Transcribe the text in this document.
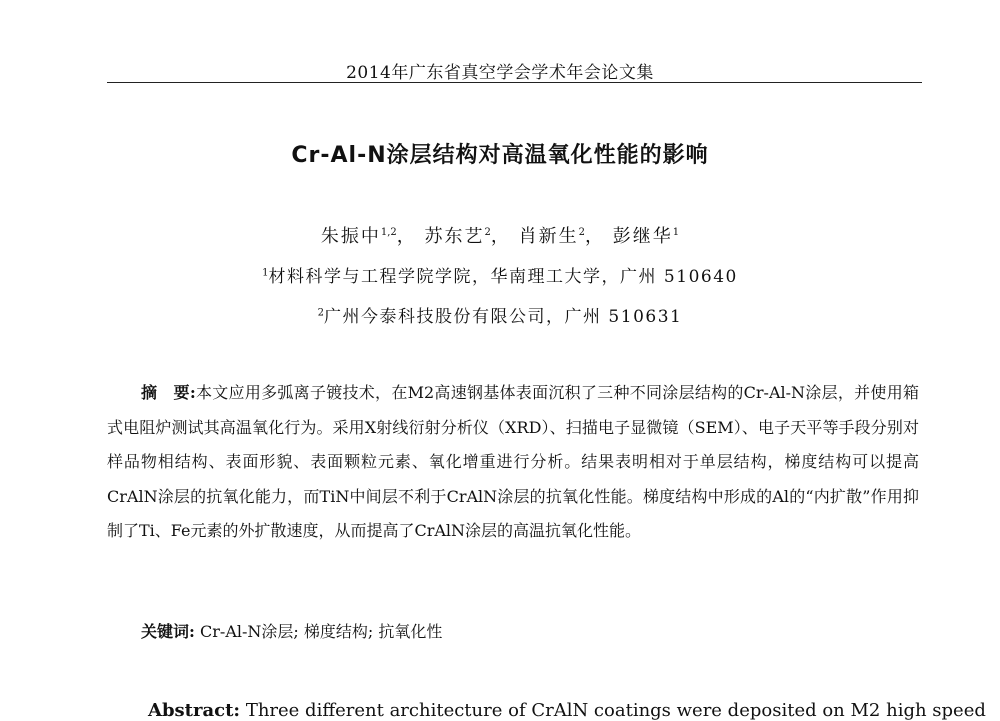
2014年广东省真空学会学术年会论文集
Cr-Al-N涂层结构对高温氧化性能的影响
朱振中$^{1,2}$， 苏东艺$^2$， 肖新生$^2$， 彭继华$^1$
$^1$材料科学与工程学院学院，华南理工大学，广州 510640
$^2$广州今泰科技股份有限公司，广州 510631
摘　要:本文应用多弧离子镀技术，在M2高速钢基体表面沉积了三种不同涂层结构的Cr-Al-N涂层，并使用箱式电阻炉测试其高温氧化行为。采用X射线衍射分析仪（XRD）、扫描电子显微镜（SEM）、电子天平等手段分别对样品物相结构、表面形貌、表面颗粒元素、氧化增重进行分析。结果表明相对于单层结构，梯度结构可以提高CrAlN涂层的抗氧化能力，而TiN中间层不利于CrAlN涂层的抗氧化性能。梯度结构中形成的Al的“内扩散”作用抑制了Ti、Fe元素的外扩散速度，从而提高了CrAlN涂层的高温抗氧化性能。
关键词: Cr-Al-N涂层; 梯度结构; 抗氧化性
Abstract: Three different architecture of CrAlN coatings were deposited on M2 high speed
